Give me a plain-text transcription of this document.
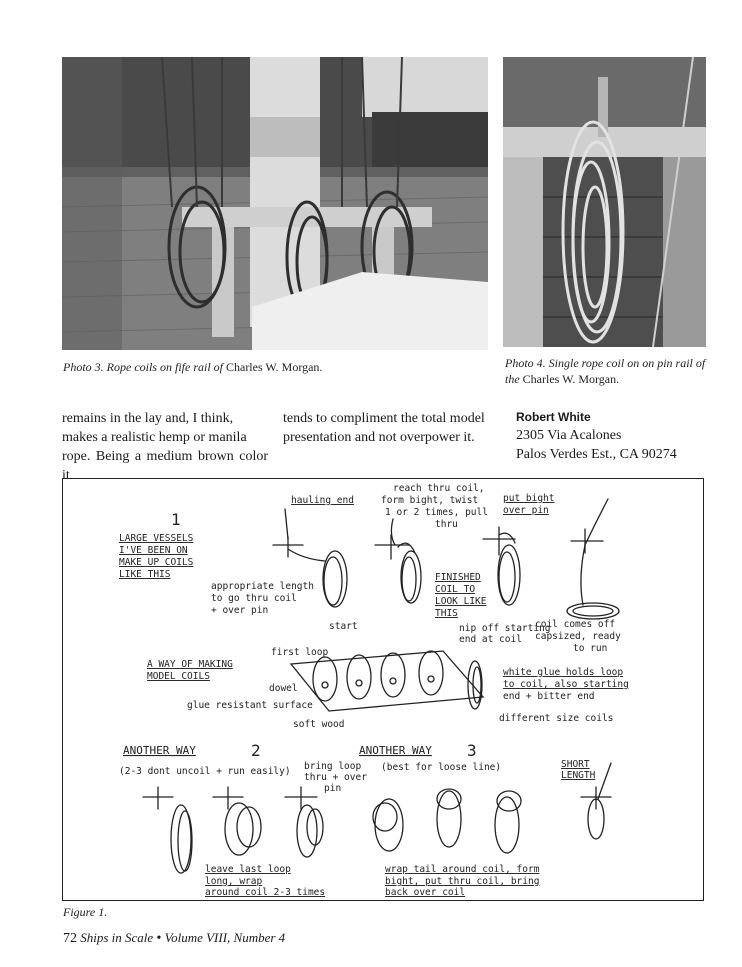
Photo 3. Rope coils on fife rail of Charles W. Morgan.	Photo 4. Single rope coil on on pin rail of
the Charles W. Morgan.
remains in the lay and, I think,
makes a realistic hemp or manila
rope. Being a medium brown color it
tends to compliment the total model
presentation and not overpower it.
Robert White
2305 Via Acalones
Palos Verdes Est., CA 90274
1
LARGE VESSELS
I'VE BEEN ON
MAKE UP COILS
LIKE THIS
hauling end
appropriate length
to go thru coil
+ over pin
reach thru coil,
form bight, twist
1 or 2 times, pull
thru
FINISHED
COIL TO
LOOK LIKE
THIS
put bight
over pin
coil comes off
capsized, ready
to run
start
first loop
nip off starting
end at coil
A WAY OF MAKING
MODEL COILS
dowel
glue resistant surface
soft wood
white glue holds loop
to coil, also starting
end + bitter end
different size coils
ANOTHER WAY	2
(2-3 dont uncoil + run easily) bring loop
thru + over
pin
leave last loop
long, wrap
around coil 2-3 times
ANOTHER WAY 3
(best for loose line)
wrap tail around coil, form
bight, put thru coil, bring
back over coil
SHORT
LENGTH
Figure 1.
72 Ships in Scale • Volume VIII, Number 4
